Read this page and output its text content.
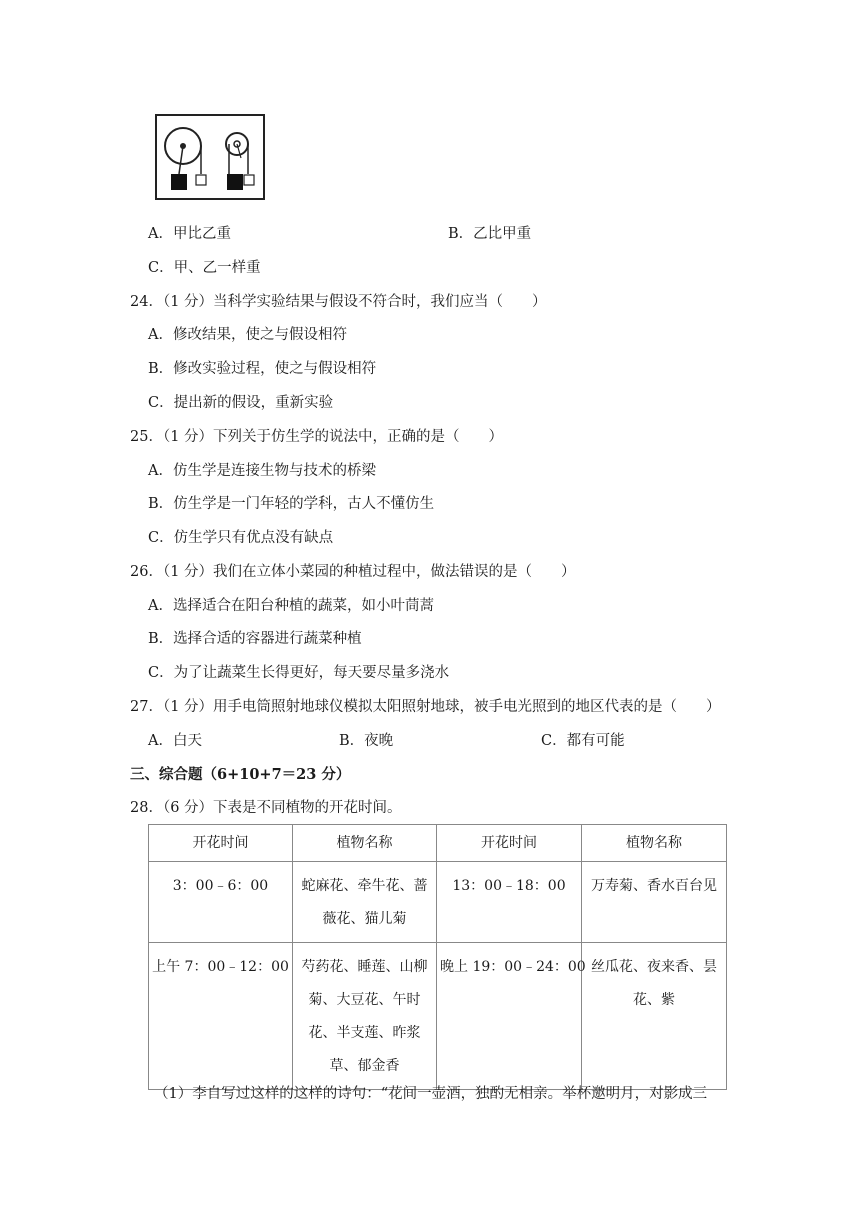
A．甲比乙重	B．乙比甲重
C．甲、乙一样重
24．（1 分）当科学实验结果与假设不符合时，我们应当（　　）
A．修改结果，使之与假设相符
B．修改实验过程，使之与假设相符
C．提出新的假设，重新实验
25．（1 分）下列关于仿生学的说法中，正确的是（　　）
A．仿生学是连接生物与技术的桥梁
B．仿生学是一门年轻的学科，古人不懂仿生
C．仿生学只有优点没有缺点
26．（1 分）我们在立体小菜园的种植过程中，做法错误的是（　　）
A．选择适合在阳台种植的蔬菜，如小叶茼蒿
B．选择合适的容器进行蔬菜种植
C．为了让蔬菜生长得更好，每天要尽量多浇水
27．（1 分）用手电筒照射地球仪模拟太阳照射地球，被手电光照到的地区代表的是（　　）
A．白天	B．夜晚	C．都有可能
三、综合题（6+10+7＝23 分）
28．（6 分）下表是不同植物的开花时间。
开花时间	植物名称	开花时间	植物名称
3：00﹣6：00	蛇麻花、牵牛花、蔷薇花、猫儿菊	13：00﹣18：00	万寿菊、香水百台见
上午 7：00﹣12：00	芍药花、睡莲、山柳菊、大豆花、午时花、半支莲、昨浆草、郁金香	晚上 19：00﹣24：00	丝瓜花、夜来香、昙花、紫
（1）李自写过这样的这样的诗句：“花间一壶酒，独酌无相亲。举杯邀明月，对影成三
